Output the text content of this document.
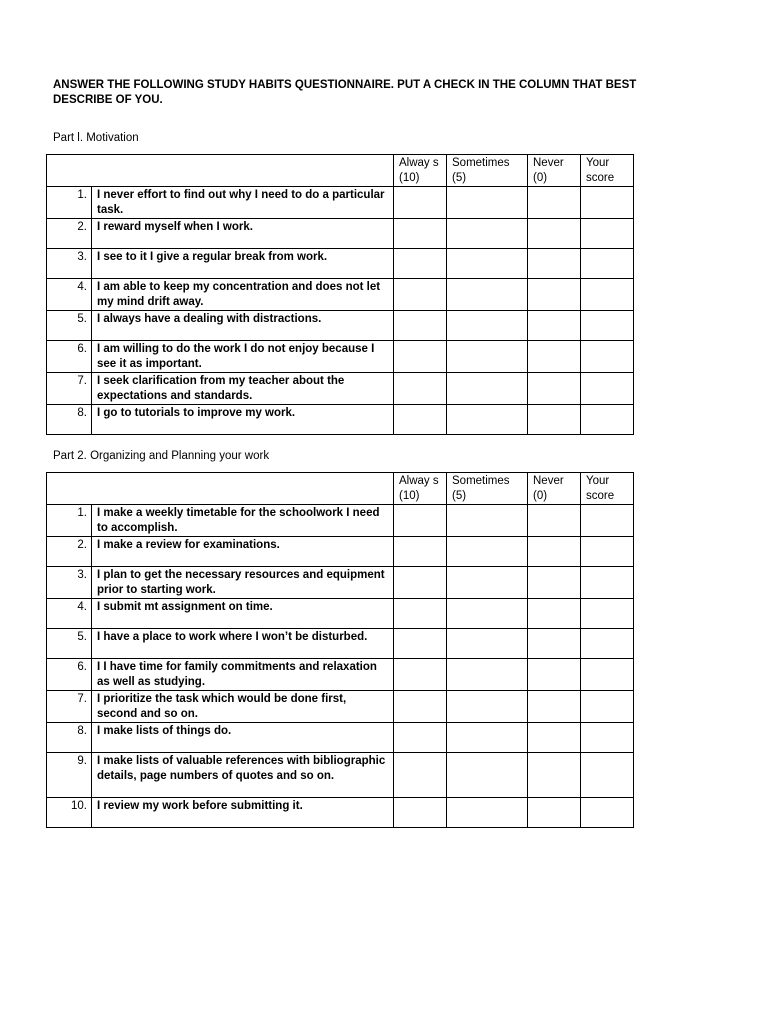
ANSWER THE FOLLOWING STUDY HABITS QUESTIONNAIRE. PUT A CHECK IN THE COLUMN THAT BEST DESCRIBE OF YOU.

Part l. Motivation

		Alway s (10)	Sometimes (5)	Never (0)	Your score
1.	I never effort to find out why I need to do a particular task.				
2.	I reward myself when I work.				
3.	I see to it I give a regular break from work.				
4.	I am able to keep my concentration and does not let my mind drift away.				
5.	I always have a dealing with distractions.				
6.	I am willing to do the work I do not enjoy because I see it as important.				
7.	I seek clarification from my teacher about the expectations and standards.				
8.	I go to tutorials to improve my work.				

Part 2. Organizing and Planning your work

		Alway s (10)	Sometimes (5)	Never (0)	Your score
1.	I make a weekly timetable for the schoolwork I need to accomplish.				
2.	I make a review for examinations.				
3.	I plan to get the necessary resources and equipment prior to starting work.				
4.	I submit mt assignment on time.				
5.	I have a place to work where I won’t be disturbed.				
6.	I I have time for family commitments and relaxation as well as studying.				
7.	I prioritize the task which would be done first, second and so on.				
8.	I make lists of things do.				
9.	I make lists of valuable references with bibliographic details, page numbers of quotes and so on.				
10.	I review my work before submitting it.				
